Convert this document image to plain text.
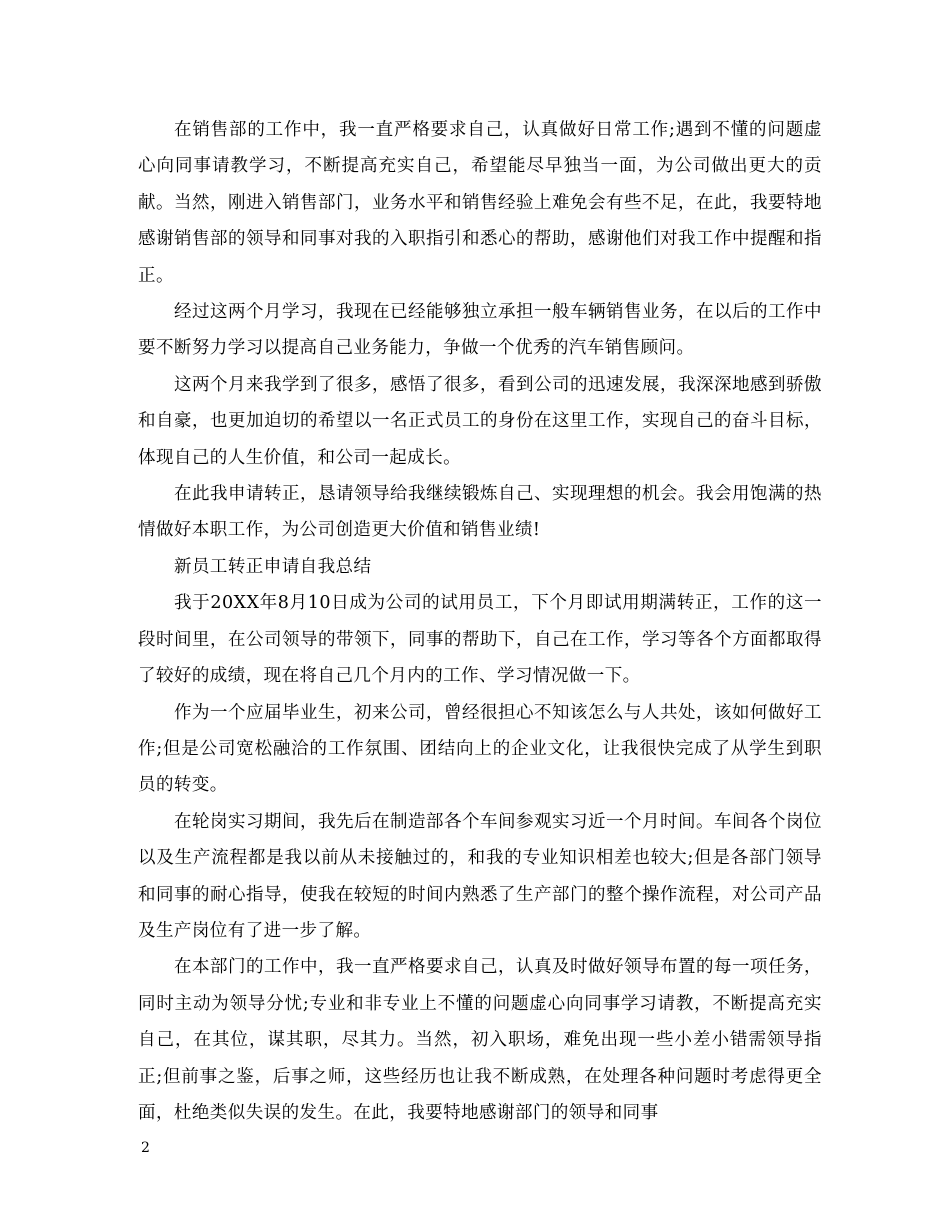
在销售部的工作中，我一直严格要求自己，认真做好日常工作;遇到不懂的问题虚心向同事请教学习，不断提高充实自己，希望能尽早独当一面，为公司做出更大的贡献。当然，刚进入销售部门，业务水平和销售经验上难免会有些不足，在此，我要特地感谢销售部的领导和同事对我的入职指引和悉心的帮助，感谢他们对我工作中提醒和指正。

经过这两个月学习，我现在已经能够独立承担一般车辆销售业务，在以后的工作中要不断努力学习以提高自己业务能力，争做一个优秀的汽车销售顾问。

这两个月来我学到了很多，感悟了很多，看到公司的迅速发展，我深深地感到骄傲和自豪，也更加迫切的希望以一名正式员工的身份在这里工作，实现自己的奋斗目标，体现自己的人生价值，和公司一起成长。

在此我申请转正，恳请领导给我继续锻炼自己、实现理想的机会。我会用饱满的热情做好本职工作，为公司创造更大价值和销售业绩!

新员工转正申请自我总结

我于20XX年8月10日成为公司的试用员工，下个月即试用期满转正，工作的这一段时间里，在公司领导的带领下，同事的帮助下，自己在工作，学习等各个方面都取得了较好的成绩，现在将自己几个月内的工作、学习情况做一下。

作为一个应届毕业生，初来公司，曾经很担心不知该怎么与人共处，该如何做好工作;但是公司宽松融洽的工作氛围、团结向上的企业文化，让我很快完成了从学生到职员的转变。

在轮岗实习期间，我先后在制造部各个车间参观实习近一个月时间。车间各个岗位以及生产流程都是我以前从未接触过的，和我的专业知识相差也较大;但是各部门领导和同事的耐心指导，使我在较短的时间内熟悉了生产部门的整个操作流程，对公司产品及生产岗位有了进一步了解。

在本部门的工作中，我一直严格要求自己，认真及时做好领导布置的每一项任务，同时主动为领导分忧;专业和非专业上不懂的问题虚心向同事学习请教，不断提高充实自己，在其位，谋其职，尽其力。当然，初入职场，难免出现一些小差小错需领导指正;但前事之鉴，后事之师，这些经历也让我不断成熟，在处理各种问题时考虑得更全面，杜绝类似失误的发生。在此，我要特地感谢部门的领导和同事

2
